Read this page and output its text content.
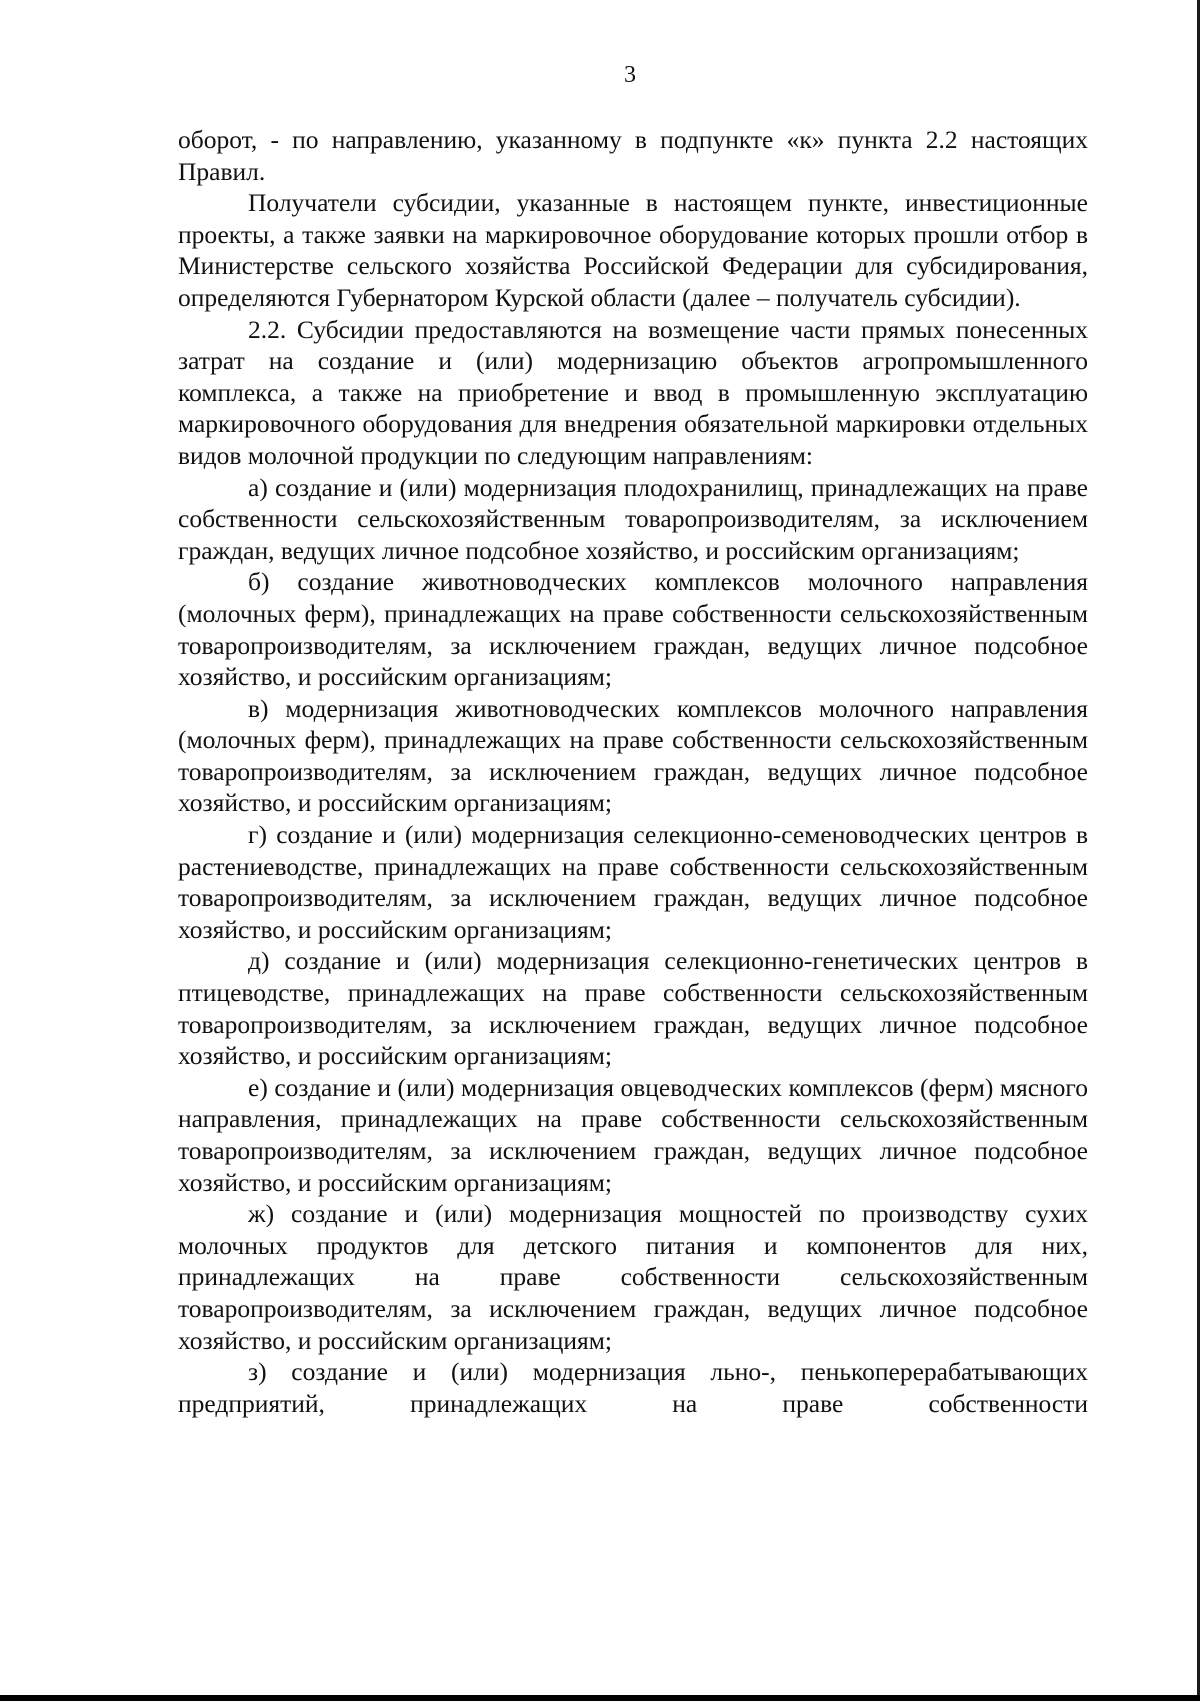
3

оборот, - по направлению, указанному в подпункте «к» пункта 2.2 настоящих Правил.

Получатели субсидии, указанные в настоящем пункте, инвестиционные проекты, а также заявки на маркировочное оборудование которых прошли отбор в Министерстве сельского хозяйства Российской Федерации для субсидирования, определяются Губернатором Курской области (далее – получатель субсидии).

2.2. Субсидии предоставляются на возмещение части прямых понесенных затрат на создание и (или) модернизацию объектов агропромышленного комплекса, а также на приобретение и ввод в промышленную эксплуатацию маркировочного оборудования для внедрения обязательной маркировки отдельных видов молочной продукции по следующим направлениям:

а) создание и (или) модернизация плодохранилищ, принадлежащих на праве собственности сельскохозяйственным товаропроизводителям, за исключением граждан, ведущих личное подсобное хозяйство, и российским организациям;

б) создание животноводческих комплексов молочного направления (молочных ферм), принадлежащих на праве собственности сельскохозяйственным товаропроизводителям, за исключением граждан, ведущих личное подсобное хозяйство, и российским организациям;

в) модернизация животноводческих комплексов молочного направления (молочных ферм), принадлежащих на праве собственности сельскохозяйственным товаропроизводителям, за исключением граждан, ведущих личное подсобное хозяйство, и российским организациям;

г) создание и (или) модернизация селекционно-семеноводческих центров в растениеводстве, принадлежащих на праве собственности сельскохозяйственным товаропроизводителям, за исключением граждан, ведущих личное подсобное хозяйство, и российским организациям;

д) создание и (или) модернизация селекционно-генетических центров в птицеводстве, принадлежащих на праве собственности сельскохозяйственным товаропроизводителям, за исключением граждан, ведущих личное подсобное хозяйство, и российским организациям;

е) создание и (или) модернизация овцеводческих комплексов (ферм) мясного направления, принадлежащих на праве собственности сельскохозяйственным товаропроизводителям, за исключением граждан, ведущих личное подсобное хозяйство, и российским организациям;

ж) создание и (или) модернизация мощностей по производству сухих молочных продуктов для детского питания и компонентов для них, принадлежащих на праве собственности сельскохозяйственным товаропроизводителям, за исключением граждан, ведущих личное подсобное хозяйство, и российским организациям;

з) создание и (или) модернизация льно-, пенькоперерабатывающих предприятий, принадлежащих на праве собственности
